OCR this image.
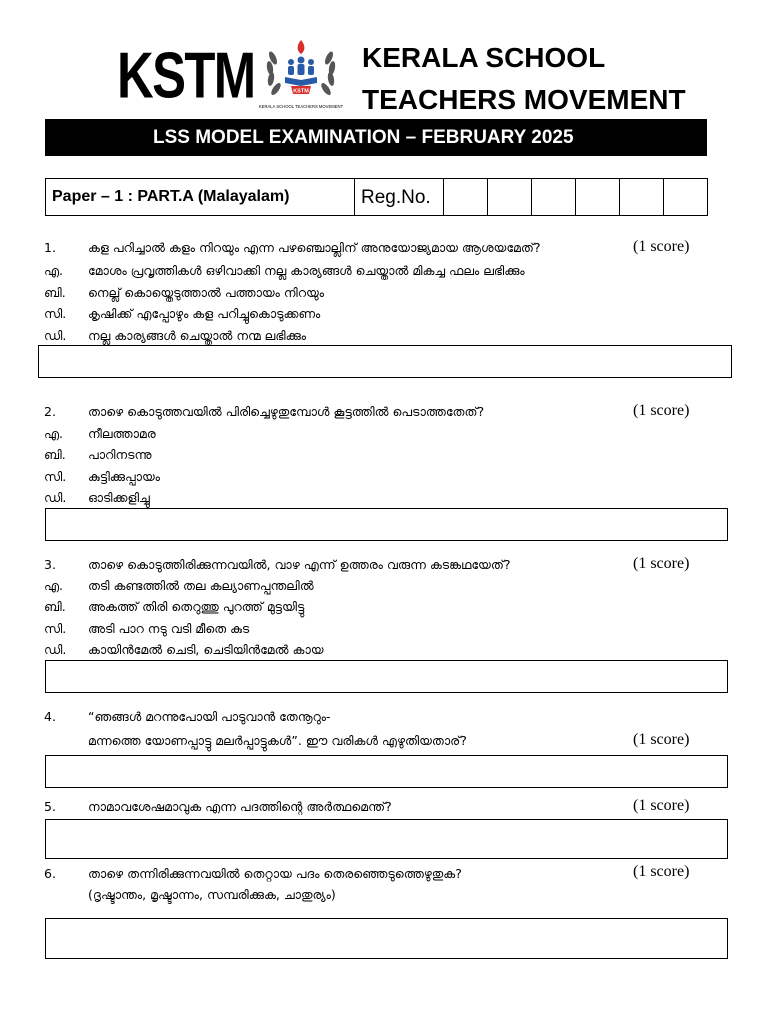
KSTM	KSTM
KERALA SCHOOL TEACHERS MOVEMENT
KERALA SCHOOL
TEACHERS MOVEMENT
LSS MODEL EXAMINATION – FEBRUARY 2025
Paper – 1 : PART.A (Malayalam)	Reg.No.
1.	കള പറിച്ചാൽ കളം നിറയും എന്ന പഴഞ്ചൊല്ലിന് അനുയോജ്യമായ ആശയമേത്?	(1 score)
എ. മോശം പ്രവൃത്തികൾ ഒഴിവാക്കി നല്ല കാര്യങ്ങൾ ചെയ്താൽ മികച്ച ഫലം ലഭിക്കും
ബി. നെല്ല് കൊയ്തെടുത്താൽ പത്തായം നിറയും
സി. കൃഷിക്ക് എപ്പോഴും കള പറിച്ചുകൊടുക്കണം
ഡി. നല്ല കാര്യങ്ങൾ ചെയ്താൽ നന്മ ലഭിക്കും
2.	താഴെ കൊടുത്തവയിൽ പിരിച്ചെഴുതുമ്പോൾ കൂട്ടത്തിൽ പെടാത്തതേത്?	(1 score)
എ. നീലത്താമര
ബി. പാറിനടന്നു
സി. കുട്ടിക്കുപ്പായം
ഡി. ഓടിക്കളിച്ചു
3.	താഴെ കൊടുത്തിരിക്കുന്നവയിൽ, വാഴ എന്ന് ഉത്തരം വരുന്ന കടങ്കഥയേത്?	(1 score)
എ. തടി കണ്ടത്തിൽ തല കല്യാണപ്പന്തലിൽ
ബി. അകത്ത് തിരി തെറുത്തു പുറത്ത് മുട്ടയിട്ടു
സി. അടി പാറ നടു വടി മീതെ കുട
ഡി. കായിൻമേൽ ചെടി, ചെടിയിൻമേൽ കായ
4.	“ഞങ്ങൾ മറന്നുപോയി പാടുവാൻ തേനൂറും-
മന്നത്തെ യോണപ്പാട്ടു മലർപ്പാട്ടുകൾ”. ഈ വരികൾ എഴുതിയതാര്?	(1 score)
5.	നാമാവശേഷമാവുക എന്ന പദത്തിന്റെ അർത്ഥമെന്ത്?	(1 score)
6.	താഴെ തന്നിരിക്കുന്നവയിൽ തെറ്റായ പദം തെരഞ്ഞെടുത്തെഴുതുക?	(1 score)
(ദൃഷ്ടാന്തം, മൃഷ്ടാന്നം, സമ്പരിക്കുക, ചാതുര്യം)
